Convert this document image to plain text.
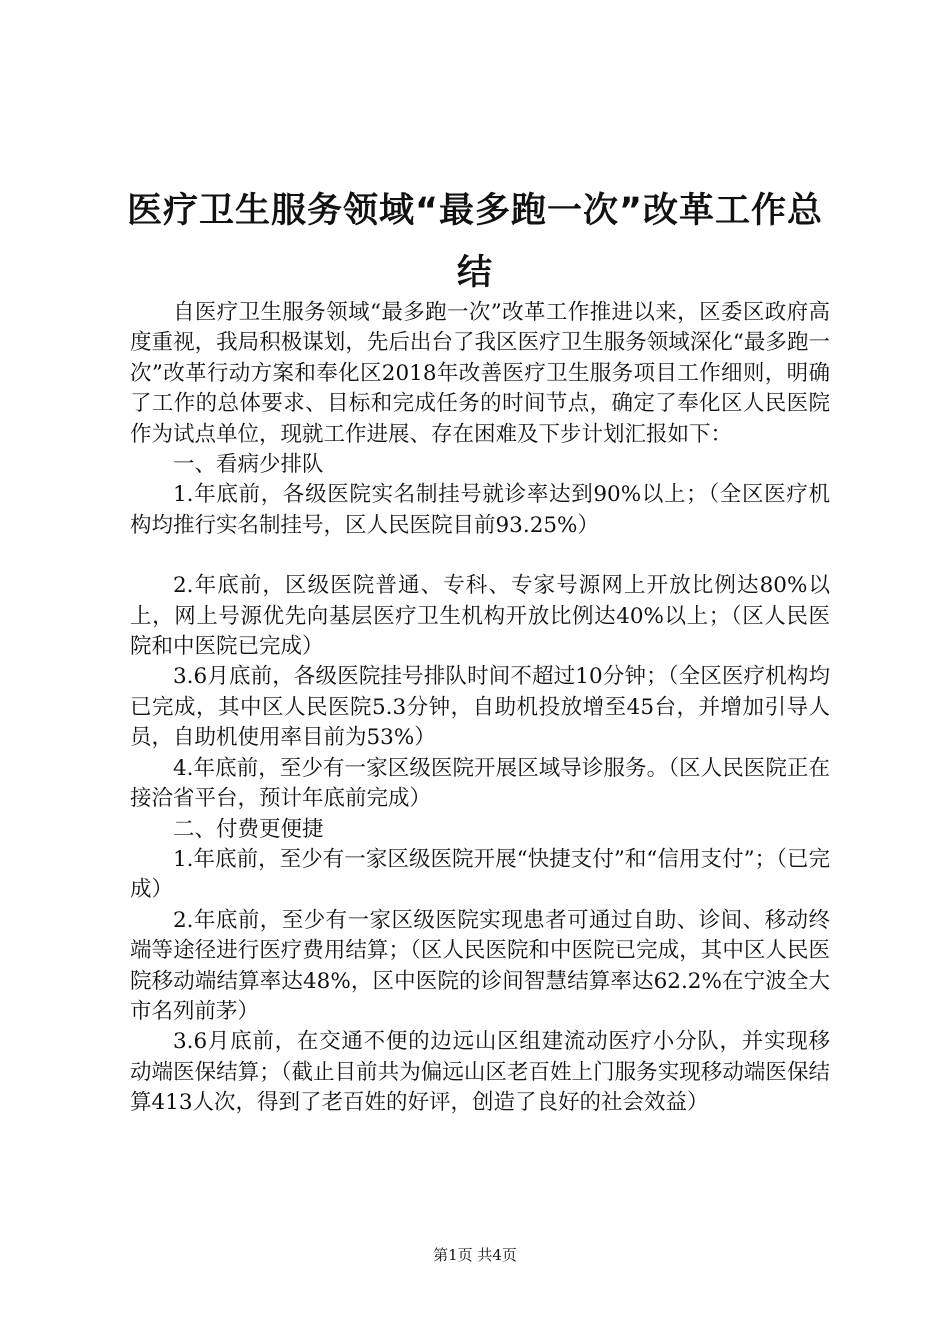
医疗卫生服务领域“最多跑一次”改革工作总结

自医疗卫生服务领域“最多跑一次”改革工作推进以来，区委区政府高度重视，我局积极谋划，先后出台了我区医疗卫生服务领域深化“最多跑一次”改革行动方案和奉化区2018年改善医疗卫生服务项目工作细则，明确了工作的总体要求、目标和完成任务的时间节点，确定了奉化区人民医院作为试点单位，现就工作进展、存在困难及下步计划汇报如下：

一、看病少排队

1.年底前，各级医院实名制挂号就诊率达到90%以上；（全区医疗机构均推行实名制挂号，区人民医院目前93.25%）

2.年底前，区级医院普通、专科、专家号源网上开放比例达80%以上，网上号源优先向基层医疗卫生机构开放比例达40%以上；（区人民医院和中医院已完成）

3.6月底前，各级医院挂号排队时间不超过10分钟；（全区医疗机构均已完成，其中区人民医院5.3分钟，自助机投放增至45台，并增加引导人员，自助机使用率目前为53%）

4.年底前，至少有一家区级医院开展区域导诊服务。（区人民医院正在接洽省平台，预计年底前完成）

二、付费更便捷

1.年底前，至少有一家区级医院开展“快捷支付”和“信用支付”；（已完成）

2.年底前，至少有一家区级医院实现患者可通过自助、诊间、移动终端等途径进行医疗费用结算；（区人民医院和中医院已完成，其中区人民医院移动端结算率达48%，区中医院的诊间智慧结算率达62.2%在宁波全大市名列前茅）

3.6月底前，在交通不便的边远山区组建流动医疗小分队，并实现移动端医保结算；（截止目前共为偏远山区老百姓上门服务实现移动端医保结算413人次，得到了老百姓的好评，创造了良好的社会效益）

第1页 共4页
